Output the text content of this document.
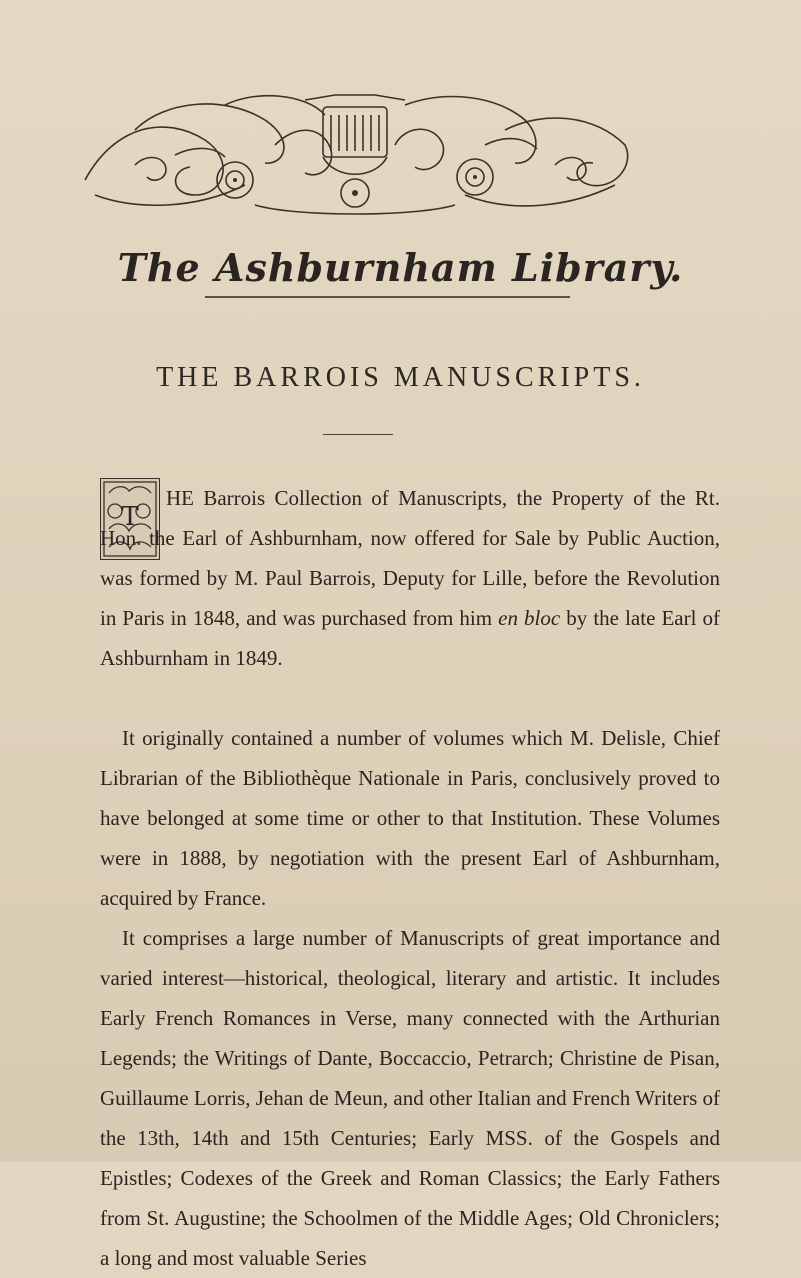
The Ashburnham Library.
THE BARROIS MANUSCRIPTS.
T
HE Barrois Collection of Manuscripts, the Property of the Rt. Hon. the Earl of Ashburnham, now offered for Sale by Public Auction, was formed by M. Paul Barrois, Deputy for Lille, before the Revolution in Paris in 1848, and was purchased from him en bloc by the late Earl of Ashburnham in 1849.
It originally contained a number of volumes which M. Delisle, Chief Librarian of the Bibliothèque Nationale in Paris, conclusively proved to have belonged at some time or other to that Institution. These Volumes were in 1888, by negotiation with the present Earl of Ashburnham, acquired by France.
It comprises a large number of Manuscripts of great importance and varied interest—historical, theological, literary and artistic. It includes Early French Romances in Verse, many connected with the Arthurian Legends; the Writings of Dante, Boccaccio, Petrarch; Christine de Pisan, Guillaume Lorris, Jehan de Meun, and other Italian and French Writers of the 13th, 14th and 15th Centuries; Early MSS. of the Gospels and Epistles; Codexes of the Greek and Roman Classics; the Early Fathers from St. Augustine; the Schoolmen of the Middle Ages; Old Chroniclers; a long and most valuable Series
